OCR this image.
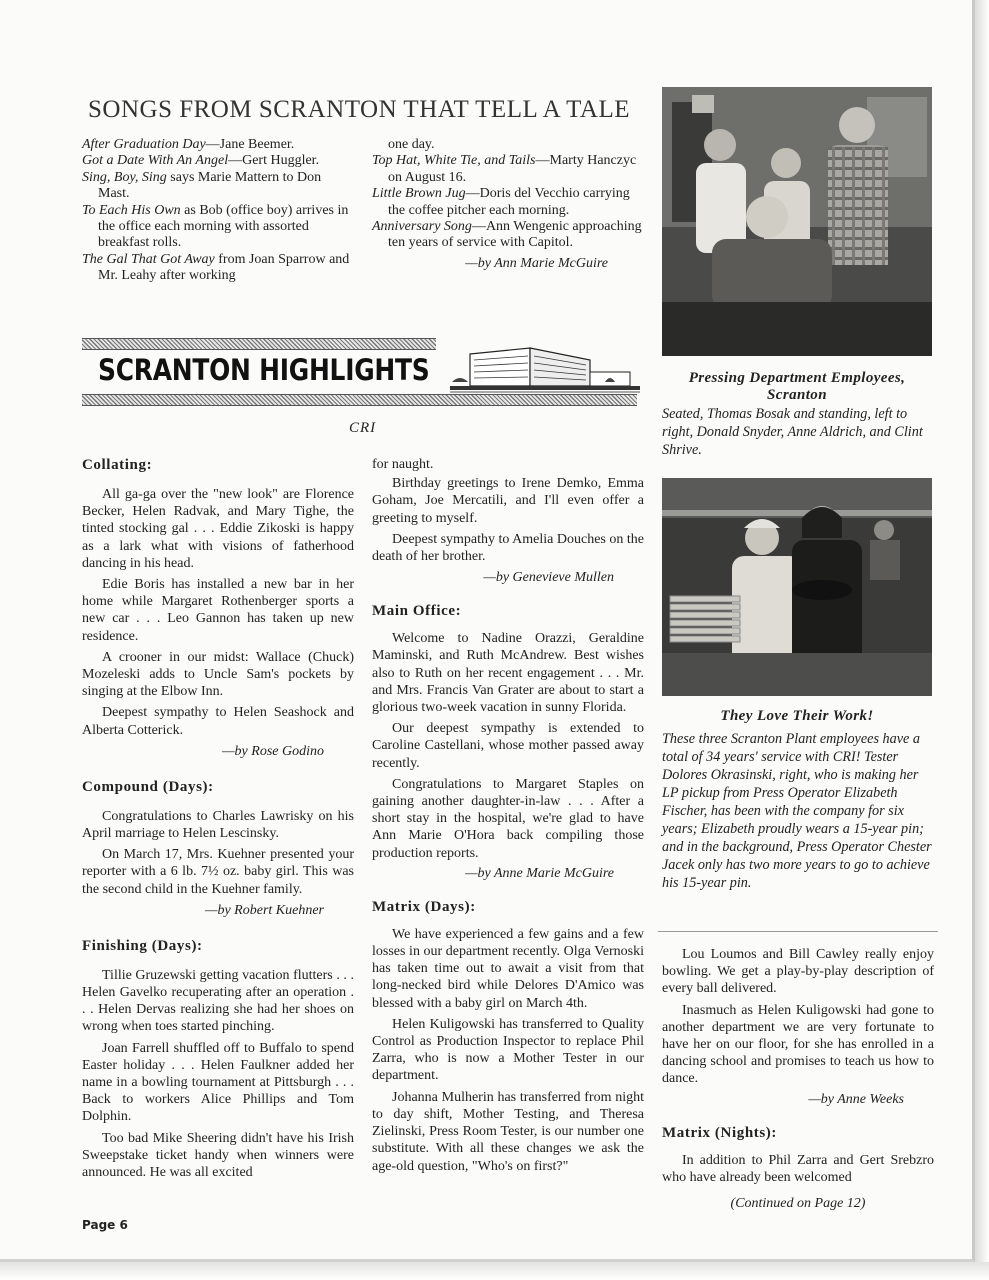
SONGS FROM SCRANTON THAT TELL A TALE
After Graduation Day—Jane Beemer.
Got a Date With An Angel—Gert Huggler.
Sing, Boy, Sing says Marie Mattern to Don Mast.
To Each His Own as Bob (office boy) arrives in the office each morning with assorted breakfast rolls.
The Gal That Got Away from Joan Sparrow and Mr. Leahy after working
one day.
Top Hat, White Tie, and Tails—Marty Hanczyc on August 16.
Little Brown Jug—Doris del Vecchio carrying the coffee pitcher each morning.
Anniversary Song—Ann Wengenic approaching ten years of service with Capitol.
—by Ann Marie McGuire
SCRANTON HIGHLIGHTS
CRI
Pressing Department Employees, Scranton
Seated, Thomas Bosak and standing, left to right, Donald Snyder, Anne Aldrich, and Clint Shrive.
Collating:

All ga-ga over the "new look" are Florence Becker, Helen Radvak, and Mary Tighe, the tinted stocking gal . . . Eddie Zikoski is happy as a lark what with visions of fatherhood dancing in his head.

Edie Boris has installed a new bar in her home while Margaret Rothenberger sports a new car . . . Leo Gannon has taken up new residence.

A crooner in our midst: Wallace (Chuck) Mozeleski adds to Uncle Sam's pockets by singing at the Elbow Inn.

Deepest sympathy to Helen Seashock and Alberta Cotterick.

—by Rose Godino
Compound (Days):

Congratulations to Charles Lawrisky on his April marriage to Helen Lescinsky.

On March 17, Mrs. Kuehner presented your reporter with a 6 lb. 7½ oz. baby girl. This was the second child in the Kuehner family.

—by Robert Kuehner
Finishing (Days):

Tillie Gruzewski getting vacation flutters . . . Helen Gavelko recuperating after an operation . . . Helen Dervas realizing she had her shoes on wrong when toes started pinching.

Joan Farrell shuffled off to Buffalo to spend Easter holiday . . . Helen Faulkner added her name in a bowling tournament at Pittsburgh . . . Back to workers Alice Phillips and Tom Dolphin.

Too bad Mike Sheering didn't have his Irish Sweepstake ticket handy when winners were announced. He was all excited

Page 6

for naught.

Birthday greetings to Irene Demko, Emma Goham, Joe Mercatili, and I'll even offer a greeting to myself.

Deepest sympathy to Amelia Douches on the death of her brother.

—by Genevieve Mullen
Main Office:

Welcome to Nadine Orazzi, Geraldine Maminski, and Ruth McAndrew. Best wishes also to Ruth on her recent engagement . . . Mr. and Mrs. Francis Van Grater are about to start a glorious two-week vacation in sunny Florida.

Our deepest sympathy is extended to Caroline Castellani, whose mother passed away recently.

Congratulations to Margaret Staples on gaining another daughter-in-law . . . After a short stay in the hospital, we're glad to have Ann Marie O'Hora back compiling those production reports.

—by Anne Marie McGuire
Matrix (Days):

We have experienced a few gains and a few losses in our department recently. Olga Vernoski has taken time out to await a visit from that long-necked bird while Delores D'Amico was blessed with a baby girl on March 4th.

Helen Kuligowski has transferred to Quality Control as Production Inspector to replace Phil Zarra, who is now a Mother Tester in our department.

Johanna Mulherin has transferred from night to day shift, Mother Testing, and Theresa Zielinski, Press Room Tester, is our number one substitute. With all these changes we ask the age-old question, "Who's on first?"

They Love Their Work!
These three Scranton Plant employees have a total of 34 years' service with CRI! Tester Dolores Okrasinski, right, who is making her LP pickup from Press Operator Elizabeth Fischer, has been with the company for six years; Elizabeth proudly wears a 15-year pin; and in the background, Press Operator Chester Jacek only has two more years to go to achieve his 15-year pin.

Lou Loumos and Bill Cawley really enjoy bowling. We get a play-by-play description of every ball delivered.

Inasmuch as Helen Kuligowski had gone to another department we are very fortunate to have her on our floor, for she has enrolled in a dancing school and promises to teach us how to dance.

—by Anne Weeks
Matrix (Nights):

In addition to Phil Zarra and Gert Srebzro who have already been welcomed

(Continued on Page 12)
